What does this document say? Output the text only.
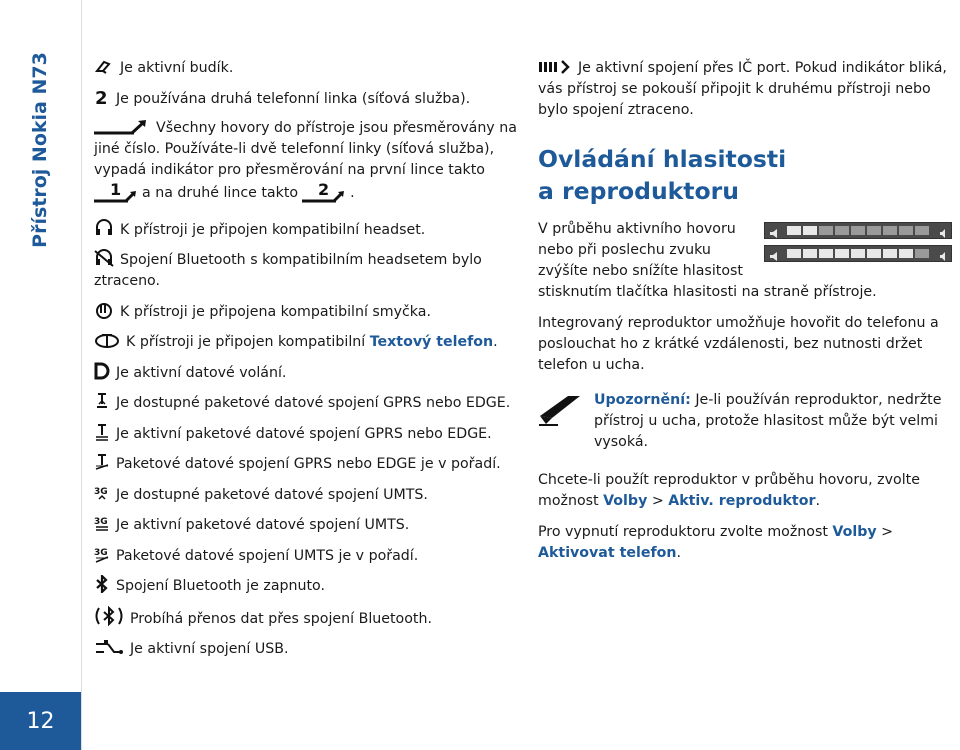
Přístroj Nokia N73
12
Je aktivní budík.
2 Je používána druhá telefonní linka (síťová služba).
Všechny hovory do přístroje jsou přesměrovány na jiné číslo. Používáte-li dvě telefonní linky (síťová služba), vypadá indikátor pro přesměrování na první lince takto

1 a na druhé lince takto 2 .
K přístroji je připojen kompatibilní headset.
Spojení Bluetooth s kompatibilním headsetem bylo ztraceno.
K přístroji je připojena kompatibilní smyčka.
K přístroji je připojen kompatibilní Textový telefon.
Je aktivní datové volání.
Je dostupné paketové datové spojení GPRS nebo EDGE.
Je aktivní paketové datové spojení GPRS nebo EDGE.
Paketové datové spojení GPRS nebo EDGE je v pořadí.
3G Je dostupné paketové datové spojení UMTS.
3G Je aktivní paketové datové spojení UMTS.
3G Paketové datové spojení UMTS je v pořadí.
Spojení Bluetooth je zapnuto.
Probíhá přenos dat přes spojení Bluetooth.
Je aktivní spojení USB.
Je aktivní spojení přes IČ port. Pokud indikátor bliká, vás přístroj se pokouší připojit k druhému přístroji nebo bylo spojení ztraceno.
Ovládání hlasitosti
a reproduktoru
V průběhu aktivního hovoru
nebo při poslechu zvuku
zvýšíte nebo snížíte hlasitost
stisknutím tlačítka hlasitosti na straně přístroje.
Integrovaný reproduktor umožňuje hovořit do telefonu a poslouchat ho z krátké vzdálenosti, bez nutnosti držet telefon u ucha.
Upozornění: Je-li používán reproduktor, nedržte přístroj u ucha, protože hlasitost může být velmi vysoká.
Chcete-li použít reproduktor v průběhu hovoru, zvolte možnost Volby > Aktiv. reproduktor.
Pro vypnutí reproduktoru zvolte možnost Volby >
Aktivovat telefon.
